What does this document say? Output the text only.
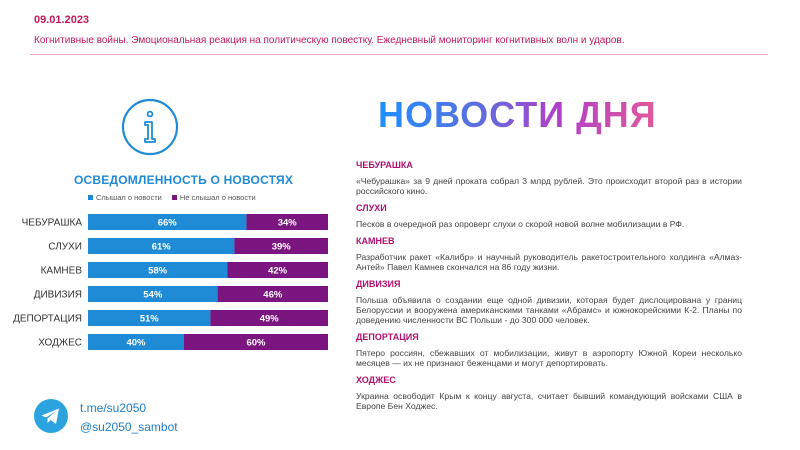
09.01.2023
Когнитивные войны. Эмоциональная реакция на политическую повестку. Ежедневный мониторинг когнитивных волн и ударов.
ОСВЕДОМЛЕННОСТЬ О НОВОСТЯХ
Слышал о новости Не слышал о новости
ЧЕБУРАШКА	66%	34%
СЛУХИ	61%	39%
КАМНЕВ	58%	42%
ДИВИЗИЯ	54%	46%
ДЕПОРТАЦИЯ	51%	49%
ХОДЖЕС	40%	60%
НОВОСТИ ДНЯ
ЧЕБУРАШКА
«Чебурашка» за 9 дней проката собрал 3 млрд рублей. Это происходит второй раз в истории российского кино.
СЛУХИ
Песков в очередной раз опроверг слухи о скорой новой волне мобилизации в РФ.
КАМНЕВ
Разработчик ракет «Калибр» и научный руководитель ракетостроительного холдинга «Алмаз-Антей» Павел Камнев скончался на 86 году жизни.
ДИВИЗИЯ
Польша объявила о создании еще одной дивизии, которая будет дислоцирована у границ Белоруссии и вооружена американскими танками «Абрамс» и южнокорейскими К-2. Планы по доведению численности ВС Польши - до 300 000 человек.
ДЕПОРТАЦИЯ
Пятеро россиян, сбежавших от мобилизации, живут в аэропорту Южной Кореи несколько месяцев — их не признают беженцами и могут депортировать.
ХОДЖЕС
Украина освободит Крым к концу августа, считает бывший командующий войсками США в Европе Бен Ходжес.
t.me/su2050
@su2050_sambot
